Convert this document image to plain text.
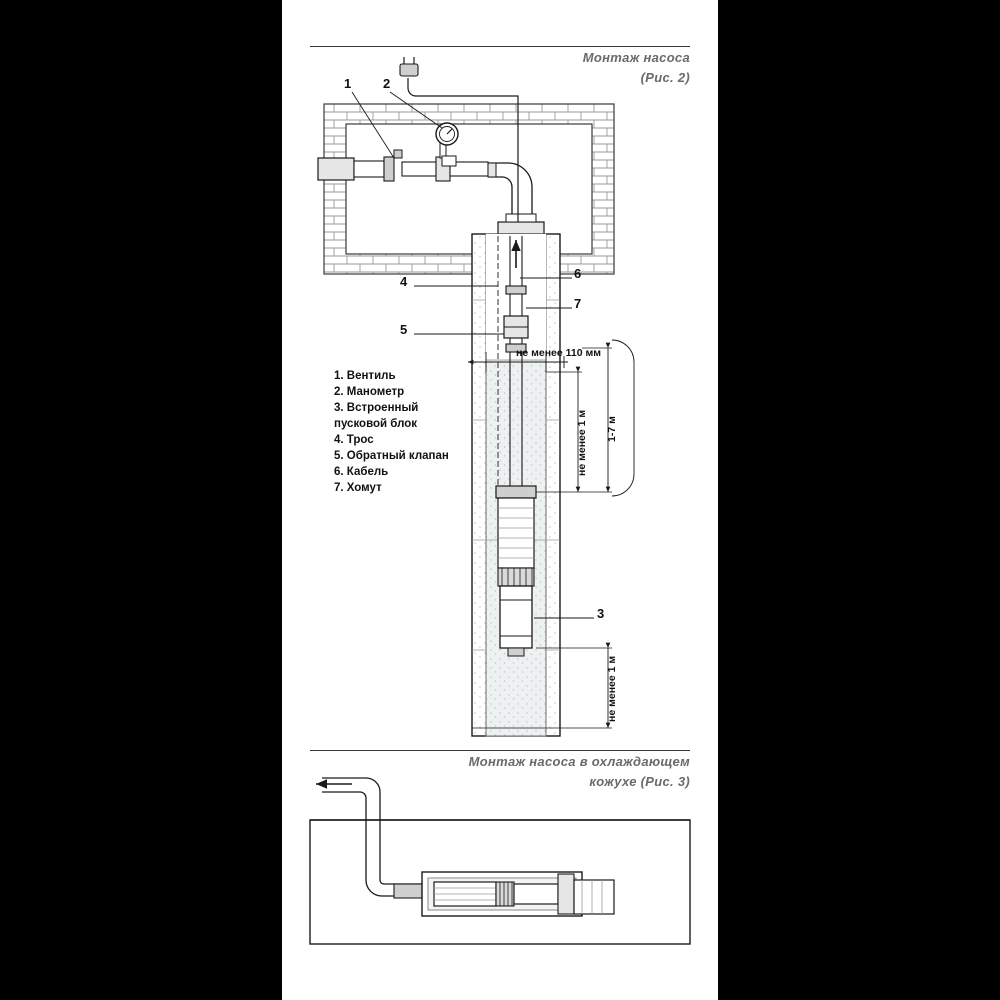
Монтаж насоса
(Рис. 2)
1 2
4
5
6
7
3
не менее 110 мм
не менее 1 м 1-7 м
не менее 1 м
1. Вентиль
2. Манометр
3. Встроенный
пусковой блок
4. Трос
5. Обратный клапан
6. Кабель
7. Хомут
Монтаж насоса в охлаждающем
кожухе (Рис. 3)
